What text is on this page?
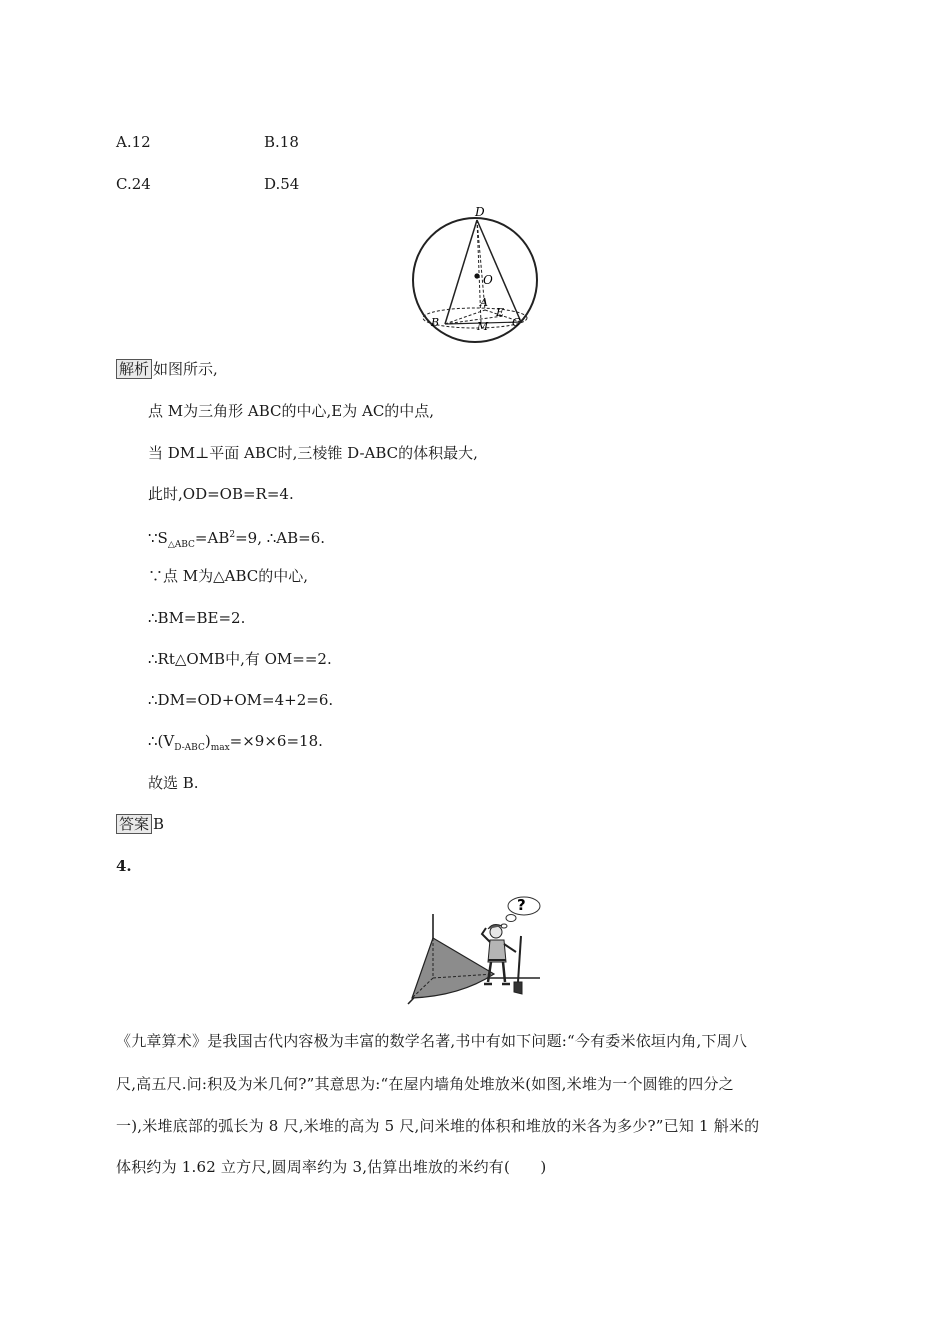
A.12	B.18
C.24	D.54
D
O
A
E
B	M C
解析 如图所示,
点 M为三角形 ABC的中心,E为 AC的中点,
当 DM⊥平面 ABC时,三棱锥 D-ABC的体积最大,
此时,OD=OB=R=4.
$\because S_{\triangle ABC}=AB^2=9$, ∴AB=6.
∵点 M为△ABC的中心,
∴BM=BE=2.
∴Rt△OMB中,有 OM==2.
∴DM=OD+OM=4+2=6.
$\therefore(V_{D-ABC})_{max}=\times 9\times 6=18$.
故选 B.
答案 B
4.
?
《九章算术》是我国古代内容极为丰富的数学名著,书中有如下问题:“今有委米依垣内角,下周八
尺,高五尺.问:积及为米几何?”其意思为:“在屋内墙角处堆放米(如图,米堆为一个圆锥的四分之
一),米堆底部的弧长为 8 尺,米堆的高为 5 尺,问米堆的体积和堆放的米各为多少?”已知 1 斛米的
体积约为 1.62 立方尺,圆周率约为 3,估算出堆放的米约有(　　)
